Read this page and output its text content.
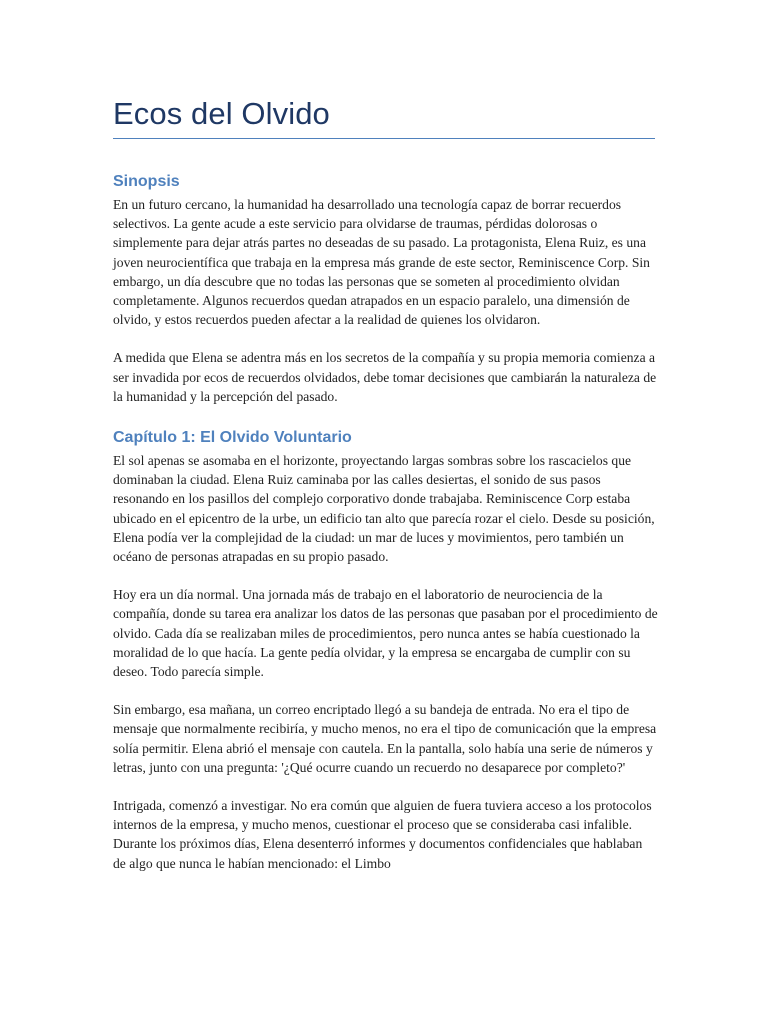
Ecos del Olvido
Sinopsis

En un futuro cercano, la humanidad ha desarrollado una tecnología capaz de borrar recuerdos selectivos. La gente acude a este servicio para olvidarse de traumas, pérdidas dolorosas o simplemente para dejar atrás partes no deseadas de su pasado. La protagonista, Elena Ruiz, es una joven neurocientífica que trabaja en la empresa más grande de este sector, Reminiscence Corp. Sin embargo, un día descubre que no todas las personas que se someten al procedimiento olvidan completamente. Algunos recuerdos quedan atrapados en un espacio paralelo, una dimensión de olvido, y estos recuerdos pueden afectar a la realidad de quienes los olvidaron.

A medida que Elena se adentra más en los secretos de la compañía y su propia memoria comienza a ser invadida por ecos de recuerdos olvidados, debe tomar decisiones que cambiarán la naturaleza de la humanidad y la percepción del pasado.

Capítulo 1: El Olvido Voluntario

El sol apenas se asomaba en el horizonte, proyectando largas sombras sobre los rascacielos que dominaban la ciudad. Elena Ruiz caminaba por las calles desiertas, el sonido de sus pasos resonando en los pasillos del complejo corporativo donde trabajaba. Reminiscence Corp estaba ubicado en el epicentro de la urbe, un edificio tan alto que parecía rozar el cielo. Desde su posición, Elena podía ver la complejidad de la ciudad: un mar de luces y movimientos, pero también un océano de personas atrapadas en su propio pasado.

Hoy era un día normal. Una jornada más de trabajo en el laboratorio de neurociencia de la compañía, donde su tarea era analizar los datos de las personas que pasaban por el procedimiento de olvido. Cada día se realizaban miles de procedimientos, pero nunca antes se había cuestionado la moralidad de lo que hacía. La gente pedía olvidar, y la empresa se encargaba de cumplir con su deseo. Todo parecía simple.

Sin embargo, esa mañana, un correo encriptado llegó a su bandeja de entrada. No era el tipo de mensaje que normalmente recibiría, y mucho menos, no era el tipo de comunicación que la empresa solía permitir. Elena abrió el mensaje con cautela. En la pantalla, solo había una serie de números y letras, junto con una pregunta: '¿Qué ocurre cuando un recuerdo no desaparece por completo?'

Intrigada, comenzó a investigar. No era común que alguien de fuera tuviera acceso a los protocolos internos de la empresa, y mucho menos, cuestionar el proceso que se consideraba casi infalible. Durante los próximos días, Elena desenterró informes y documentos confidenciales que hablaban de algo que nunca le habían mencionado: el Limbo
